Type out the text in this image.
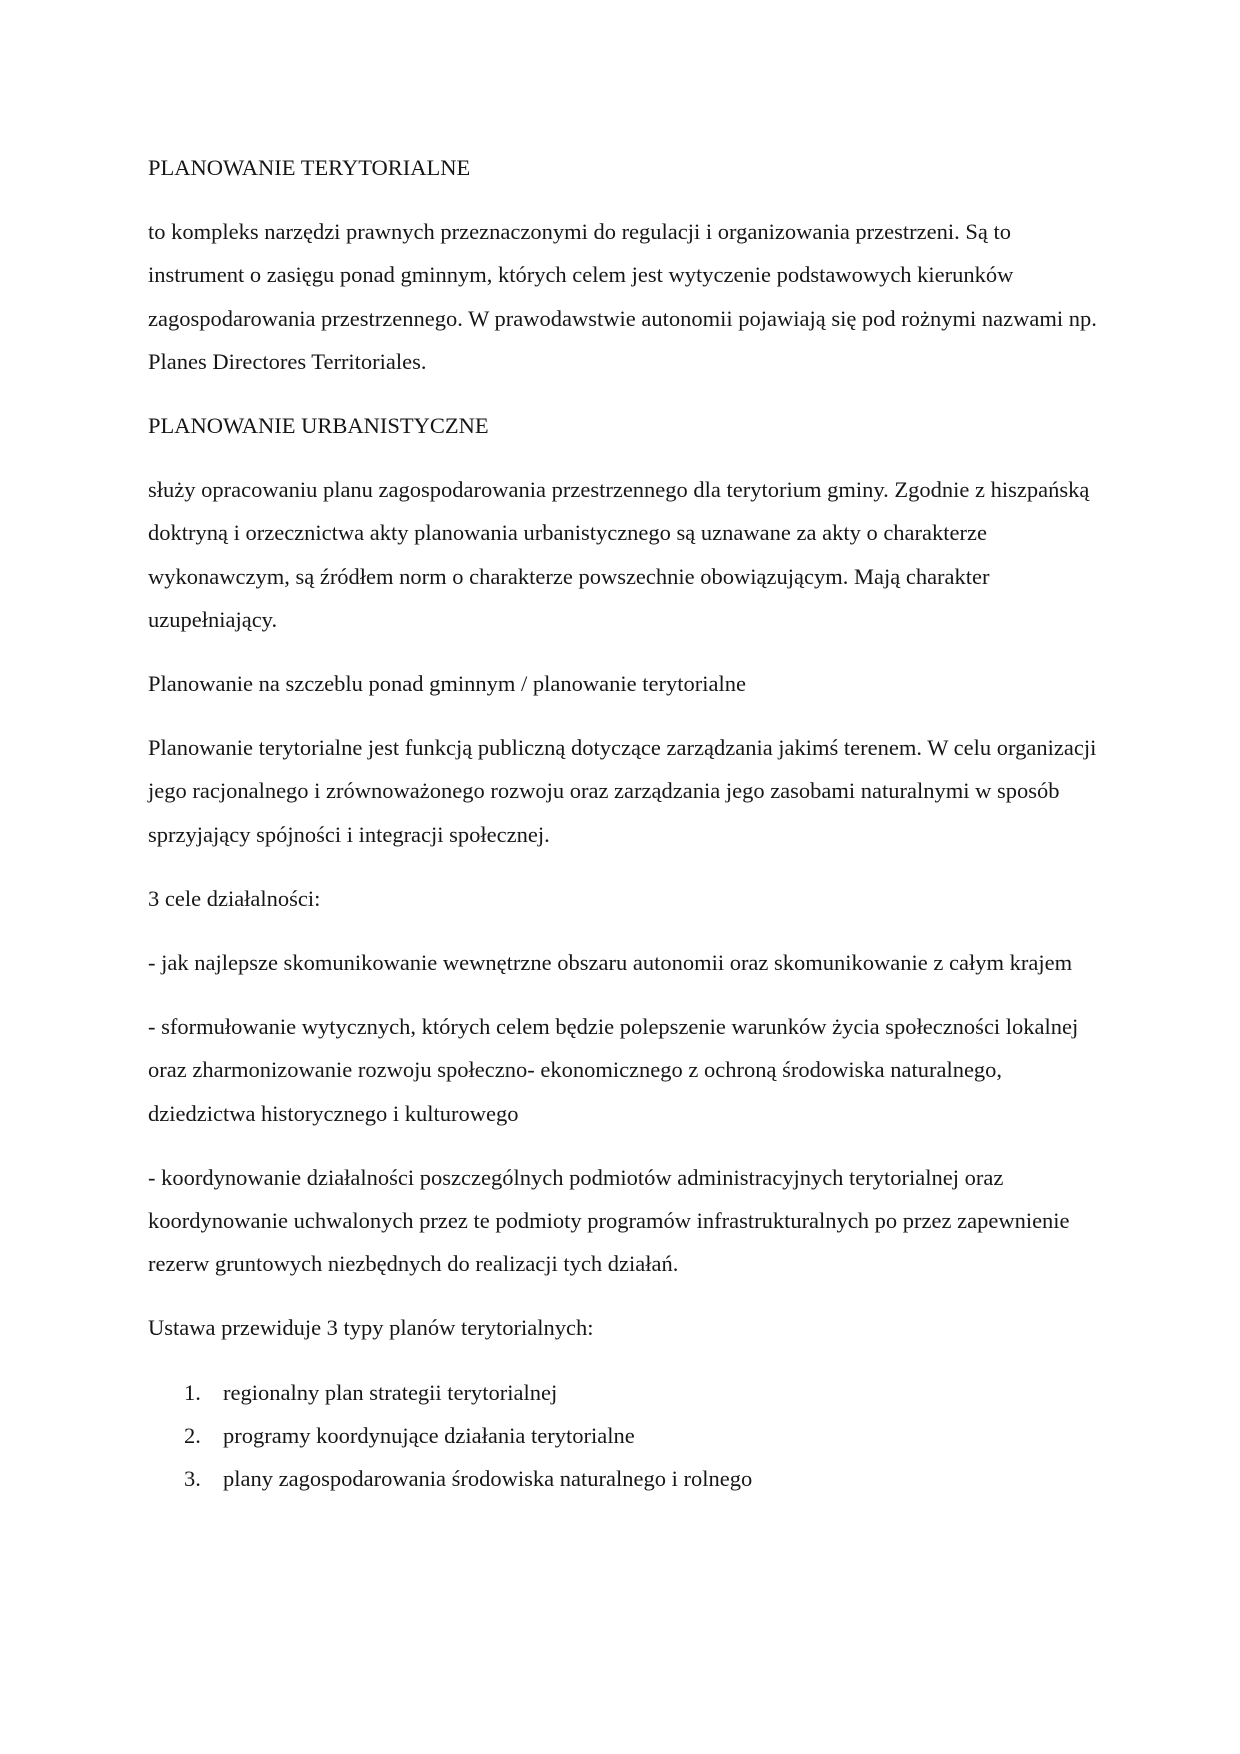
PLANOWANIE TERYTORIALNE

to kompleks narzędzi prawnych przeznaczonymi do regulacji i organizowania przestrzeni. Są to instrument o zasięgu ponad gminnym, których celem jest wytyczenie podstawowych kierunków zagospodarowania przestrzennego. W prawodawstwie autonomii pojawiają się pod rożnymi nazwami np. Planes Directores Territoriales.

PLANOWANIE URBANISTYCZNE

służy opracowaniu planu zagospodarowania przestrzennego dla terytorium gminy. Zgodnie z hiszpańską doktryną i orzecznictwa akty planowania urbanistycznego są uznawane za akty o charakterze wykonawczym, są źródłem norm o charakterze powszechnie obowiązującym. Mają charakter uzupełniający.

Planowanie na szczeblu ponad gminnym / planowanie terytorialne

Planowanie terytorialne jest funkcją publiczną dotyczące zarządzania jakimś terenem. W celu organizacji jego racjonalnego i zrównoważonego rozwoju oraz zarządzania jego zasobami naturalnymi w sposób sprzyjający spójności i integracji społecznej.

3 cele działalności:

- jak najlepsze skomunikowanie wewnętrzne obszaru autonomii oraz skomunikowanie z całym krajem

- sformułowanie wytycznych, których celem będzie polepszenie warunków życia społeczności lokalnej oraz zharmonizowanie rozwoju społeczno- ekonomicznego z ochroną środowiska naturalnego, dziedzictwa historycznego i kulturowego

- koordynowanie działalności poszczególnych podmiotów administracyjnych terytorialnej oraz koordynowanie uchwalonych przez te podmioty programów infrastrukturalnych po przez zapewnienie rezerw gruntowych niezbędnych do realizacji tych działań.

Ustawa przewiduje 3 typy planów terytorialnych:

1. regionalny plan strategii terytorialnej
2. programy koordynujące działania terytorialne
3. plany zagospodarowania środowiska naturalnego i rolnego
